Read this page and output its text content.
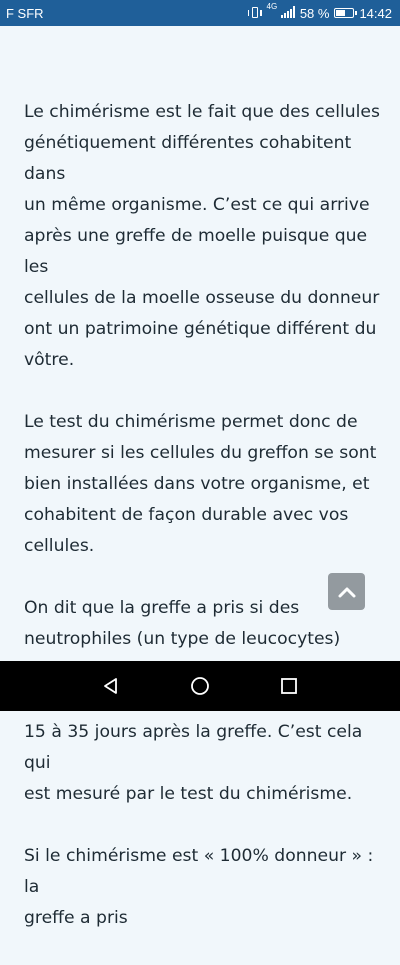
F SFR	$^{4G}$	58 % 14:42

Le chimérisme est le fait que des cellules
génétiquement différentes cohabitent dans
un même organisme. C’est ce qui arrive
après une greffe de moelle puisque que les
cellules de la moelle osseuse du donneur
ont un patrimoine génétique différent du
vôtre.

Le test du chimérisme permet donc de
mesurer si les cellules du greffon se sont
bien installées dans votre organisme, et
cohabitent de façon durable avec vos
cellules.

On dit que la greffe a pris si des
neutrophiles (un type de leucocytes)

15 à 35 jours après la greffe. C’est cela qui
est mesuré par le test du chimérisme.

Si le chimérisme est « 100% donneur » : la
greffe a pris
